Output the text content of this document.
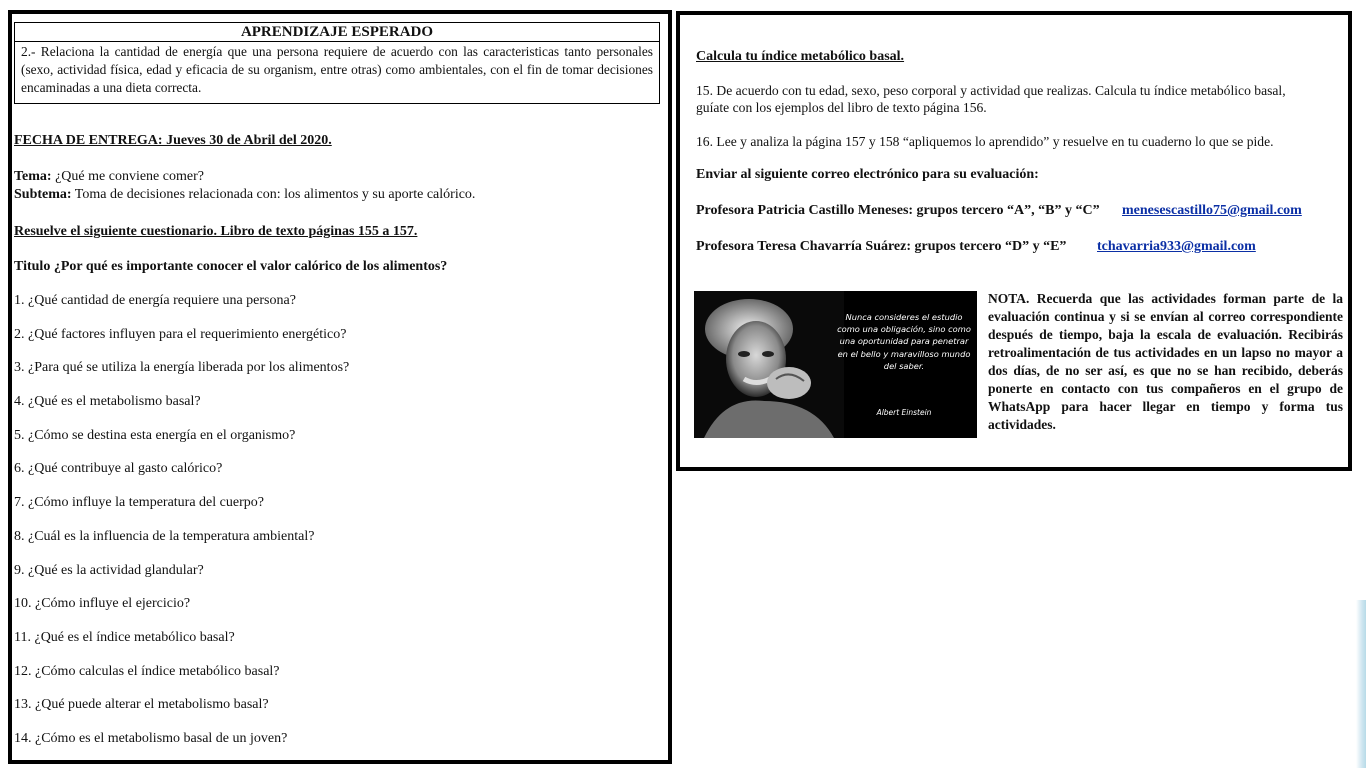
APRENDIZAJE ESPERADO
2.- Relaciona la cantidad de energía que una persona requiere de acuerdo con las caracteristicas tanto personales (sexo, actividad física, edad y eficacia de su organism, entre otras) como ambientales, con el fin de tomar decisiones encaminadas a una dieta correcta.
FECHA DE ENTREGA: Jueves 30 de Abril del 2020.
Tema: ¿Qué me conviene comer?
Subtema: Toma de decisiones relacionada con: los alimentos y su aporte calórico.
Resuelve el siguiente cuestionario. Libro de texto páginas 155 a 157.
Titulo ¿Por qué es importante conocer el valor calórico de los alimentos?
1. ¿Qué cantidad de energía requiere una persona?
2. ¿Qué factores influyen para el requerimiento energético?
3. ¿Para qué se utiliza la energía liberada por los alimentos?
4. ¿Qué es el metabolismo basal?
5. ¿Cómo se destina esta energía en el organismo?
6. ¿Qué contribuye al gasto calórico?
7. ¿Cómo influye la temperatura del cuerpo?
8. ¿Cuál es la influencia de la temperatura ambiental?
9. ¿Qué es la actividad glandular?
10. ¿Cómo influye el ejercicio?
11. ¿Qué es el índice metabólico basal?
12. ¿Cómo calculas el índice metabólico basal?
13. ¿Qué puede alterar el metabolismo basal?
14. ¿Cómo es el metabolismo basal de un joven?
Calcula tu índice metabólico basal.
15. De acuerdo con tu edad, sexo, peso corporal y actividad que realizas. Calcula tu índice metabólico basal,
guíate con los ejemplos del libro de texto página 156.
16. Lee y analiza la página 157 y 158 “apliquemos lo aprendido” y resuelve en tu cuaderno lo que se pide.
Enviar al siguiente correo electrónico para su evaluación:
Profesora Patricia Castillo Meneses: grupos tercero “A”, “B” y “C” menesescastillo75@gmail.com
Profesora Teresa Chavarría Suárez: grupos tercero “D” y “E” tchavarria933@gmail.com
Nunca consideres el estudio como una obligación, sino como una oportunidad para penetrar en el bello y maravilloso mundo del saber.
Albert Einstein
NOTA. Recuerda que las actividades forman parte de la evaluación continua y si se envían al correo correspondiente después de tiempo, baja la escala de evaluación. Recibirás retroalimentación de tus actividades en un lapso no mayor a dos días, de no ser así, es que no se han recibido, deberás ponerte en contacto con tus compañeros en el grupo de WhatsApp para hacer llegar en tiempo y forma tus actividades.
